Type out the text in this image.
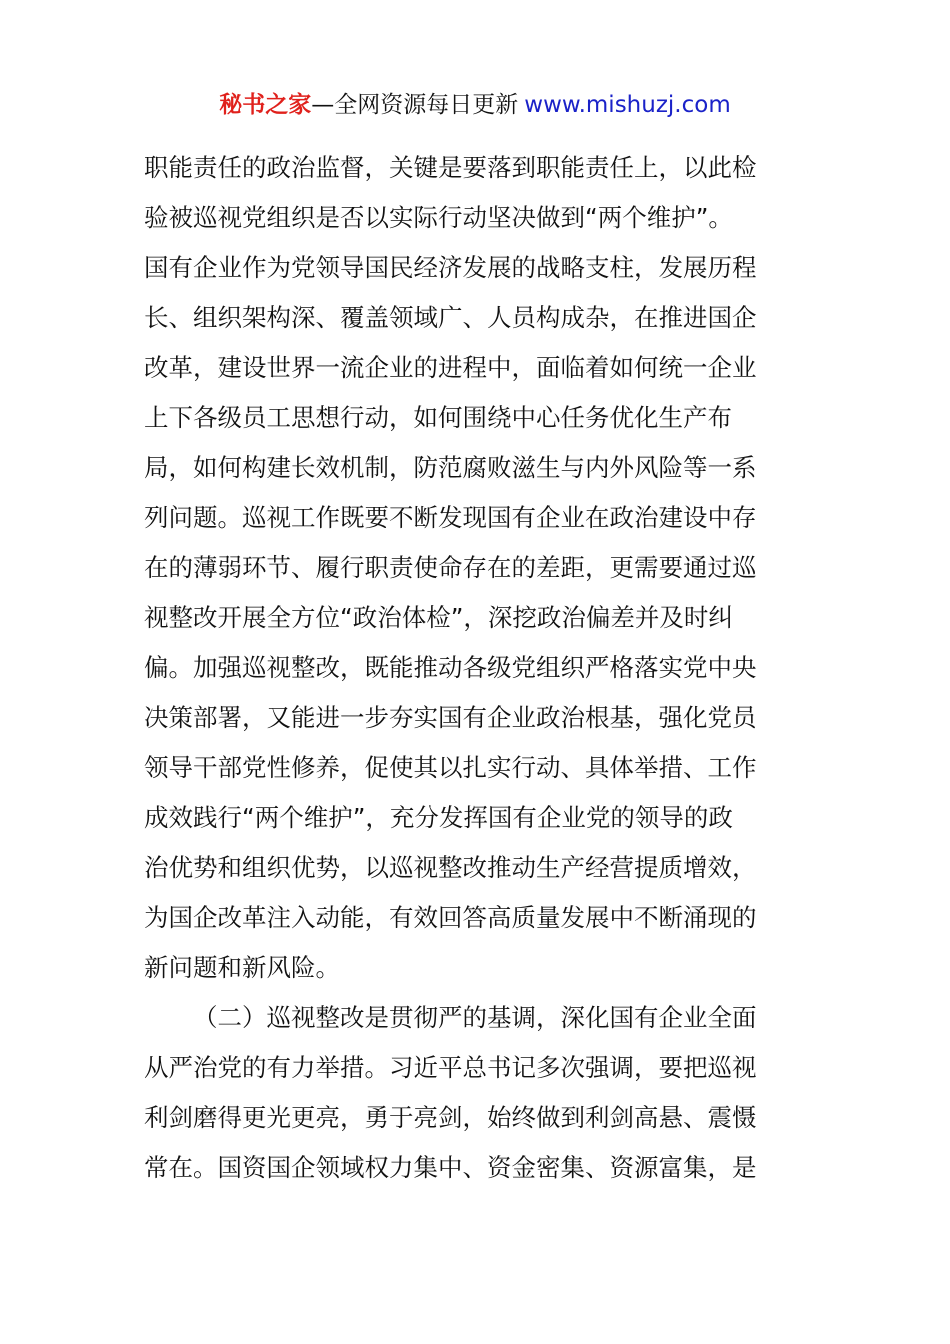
秘书之家—全网资源每日更新 www.mishuzj.com
职能责任的政治监督，关键是要落到职能责任上，以此检
验被巡视党组织是否以实际行动坚决做到“两个维护”。
国有企业作为党领导国民经济发展的战略支柱，发展历程
长、组织架构深、覆盖领域广、人员构成杂，在推进国企
改革，建设世界一流企业的进程中，面临着如何统一企业
上下各级员工思想行动，如何围绕中心任务优化生产布
局，如何构建长效机制，防范腐败滋生与内外风险等一系
列问题。巡视工作既要不断发现国有企业在政治建设中存
在的薄弱环节、履行职责使命存在的差距，更需要通过巡
视整改开展全方位“政治体检”，深挖政治偏差并及时纠
偏。加强巡视整改，既能推动各级党组织严格落实党中央
决策部署，又能进一步夯实国有企业政治根基，强化党员
领导干部党性修养，促使其以扎实行动、具体举措、工作
成效践行“两个维护”，充分发挥国有企业党的领导的政
治优势和组织优势，以巡视整改推动生产经营提质增效，
为国企改革注入动能，有效回答高质量发展中不断涌现的
新问题和新风险。
（二）巡视整改是贯彻严的基调，深化国有企业全面
从严治党的有力举措。习近平总书记多次强调，要把巡视
利剑磨得更光更亮，勇于亮剑，始终做到利剑高悬、震慑
常在。国资国企领域权力集中、资金密集、资源富集，是
